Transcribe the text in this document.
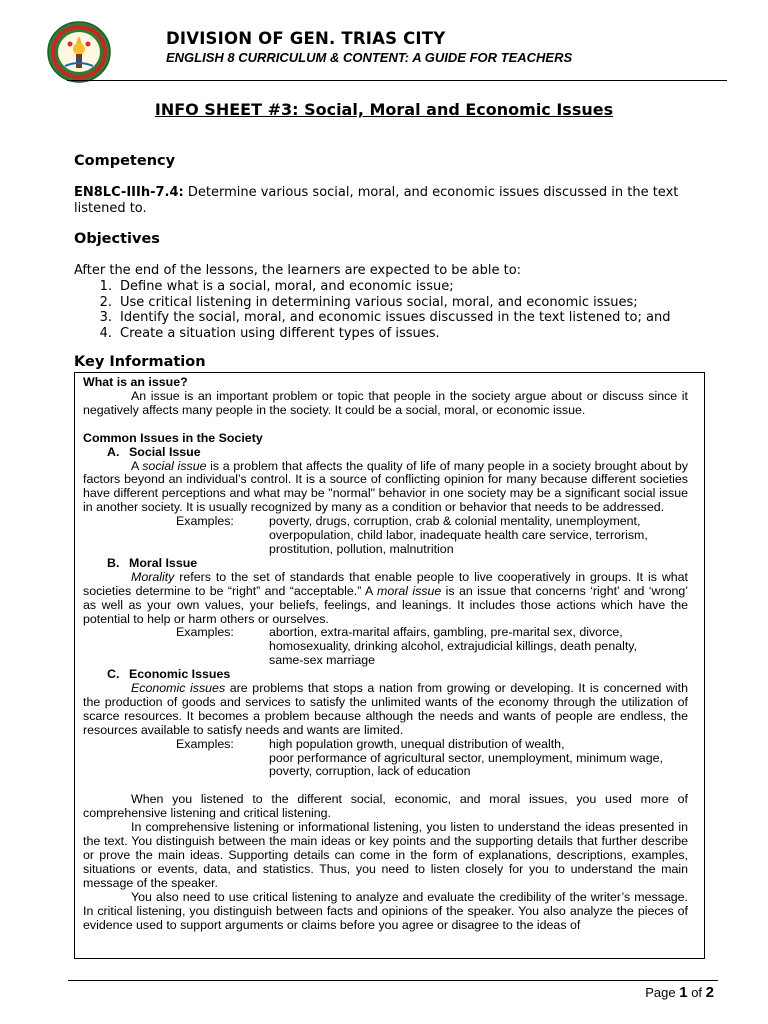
DIVISION OF GEN. TRIAS CITY
ENGLISH 8 CURRICULUM & CONTENT: A GUIDE FOR TEACHERS
INFO SHEET #3: Social, Moral and Economic Issues
Competency
EN8LC-IIIh-7.4: Determine various social, moral, and economic issues discussed in the text listened to.
Objectives
After the end of the lessons, the learners are expected to be able to:
1. Define what is a social, moral, and economic issue;
2. Use critical listening in determining various social, moral, and economic issues;
3. Identify the social, moral, and economic issues discussed in the text listened to; and
4. Create a situation using different types of issues.
Key Information

What is an issue?

An issue is an important problem or topic that people in the society argue about or discuss since it negatively affects many people in the society. It could be a social, moral, or economic issue.

Common Issues in the Society

A. Social Issue

A social issue is a problem that affects the quality of life of many people in a society brought about by factors beyond an individual’s control. It is a source of conflicting opinion for many because different societies have different perceptions and what may be "normal" behavior in one society may be a significant social issue in another society. It is usually recognized by many as a condition or behavior that needs to be addressed.

Examples:	poverty, drugs, corruption, crab & colonial mentality, unemployment,
overpopulation, child labor, inadequate health care service, terrorism,
prostitution, pollution, malnutrition
B. Moral Issue

Morality refers to the set of standards that enable people to live cooperatively in groups. It is what societies determine to be “right” and “acceptable.” A moral issue is an issue that concerns ‘right’ and ‘wrong’ as well as your own values, your beliefs, feelings, and leanings. It includes those actions which have the potential to help or harm others or ourselves.

Examples:	abortion, extra-marital affairs, gambling, pre-marital sex, divorce,
homosexuality, drinking alcohol, extrajudicial killings, death penalty,
same-sex marriage
C. Economic Issues

Economic issues are problems that stops a nation from growing or developing. It is concerned with the production of goods and services to satisfy the unlimited wants of the economy through the utilization of scarce resources. It becomes a problem because although the needs and wants of people are endless, the resources available to satisfy needs and wants are limited.

Examples:	high population growth, unequal distribution of wealth,
poor performance of agricultural sector, unemployment, minimum wage,
poverty, corruption, lack of education

When you listened to the different social, economic, and moral issues, you used more of comprehensive listening and critical listening.

In comprehensive listening or informational listening, you listen to understand the ideas presented in the text. You distinguish between the main ideas or key points and the supporting details that further describe or prove the main ideas. Supporting details can come in the form of explanations, descriptions, examples, situations or events, data, and statistics. Thus, you need to listen closely for you to understand the main message of the speaker.

You also need to use critical listening to analyze and evaluate the credibility of the writer’s message. In critical listening, you distinguish between facts and opinions of the speaker. You also analyze the pieces of evidence used to support arguments or claims before you agree or disagree to the ideas of

Page 1 of 2
